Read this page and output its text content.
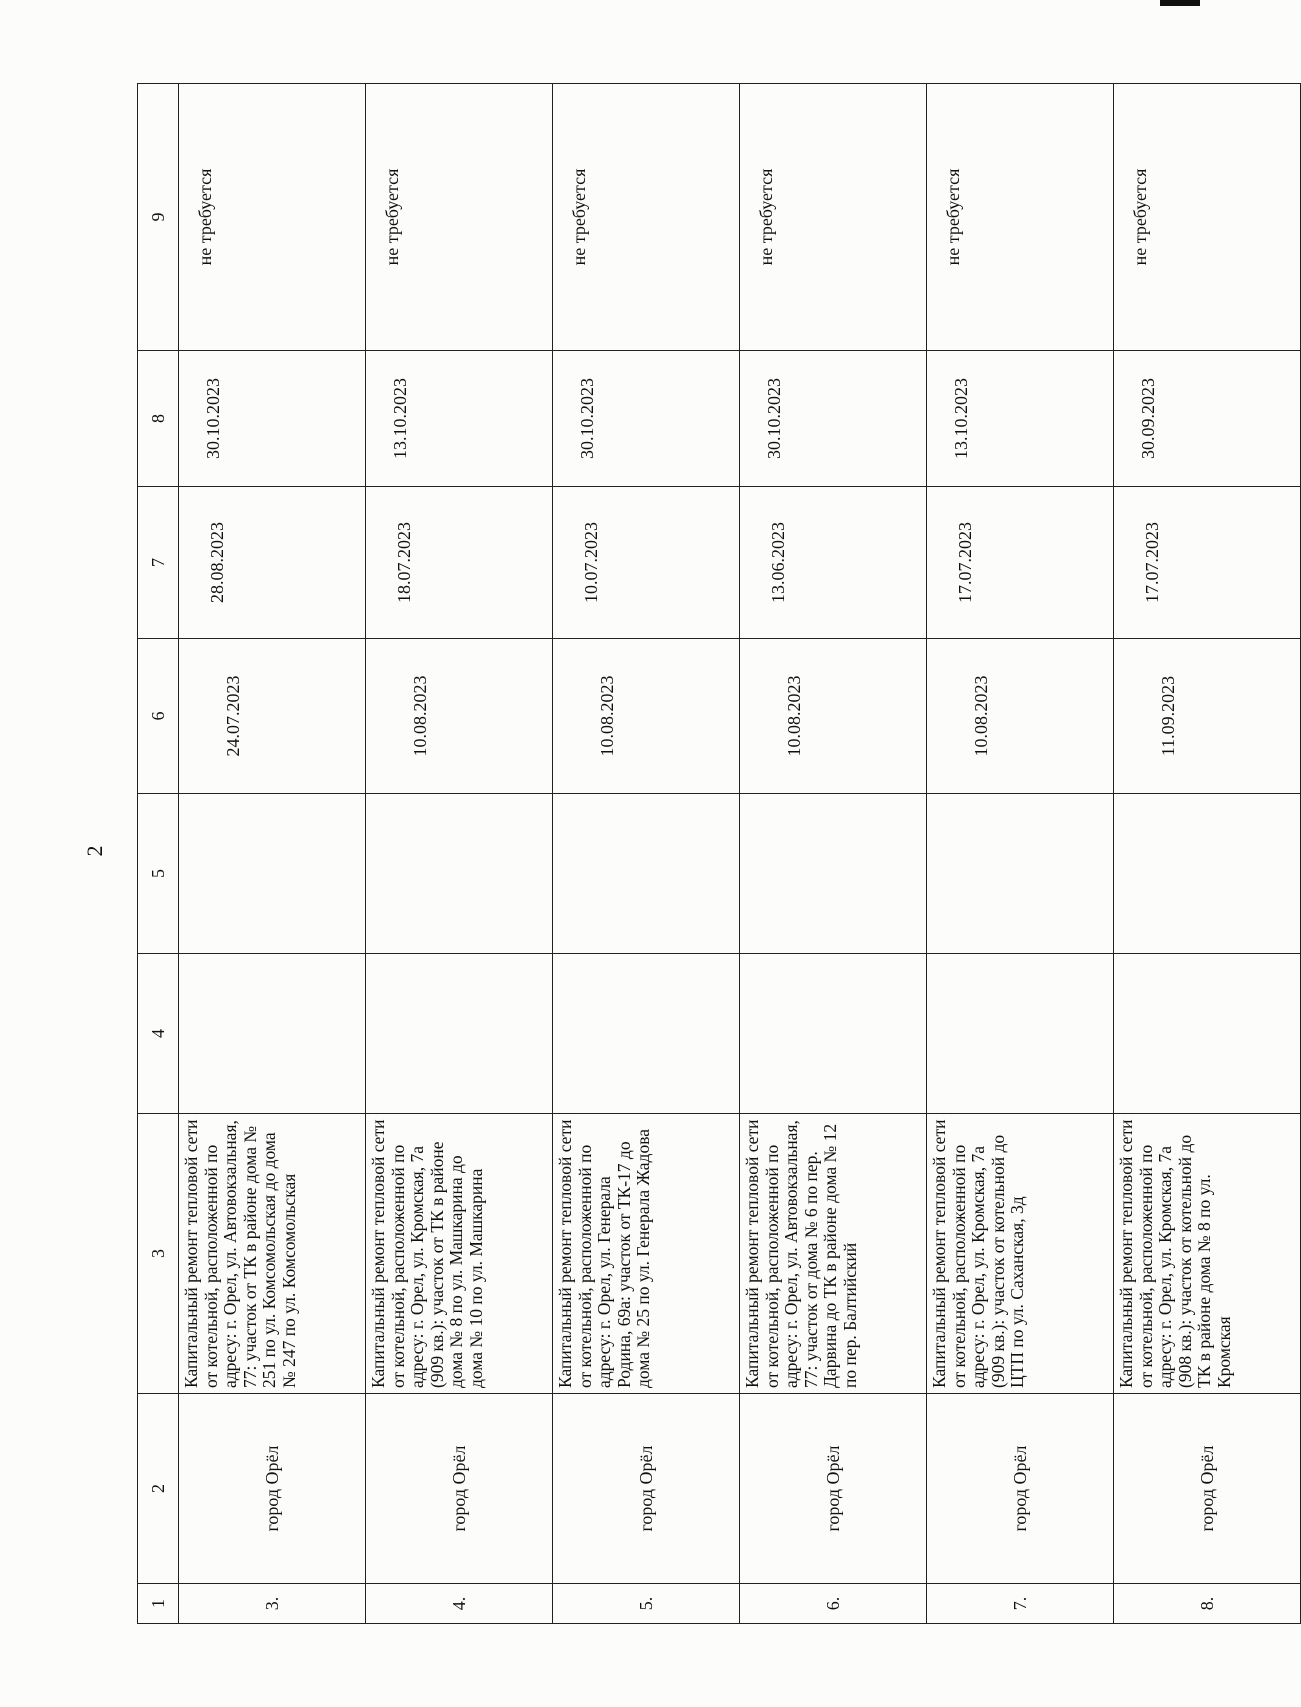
2
1	2	3	4	5	6	7	8	9
3.	город Орёл	Капитальный ремонт тепловой сети от котельной, расположенной по адресу: г. Орел, ул. Автовокзальная, 77: участок от ТК в районе дома № 251 по ул. Комсомольская до дома № 247 по ул. Комсомольская			24.07.2023	28.08.2023	30.10.2023	не требуется
4.	город Орёл	Капитальный ремонт тепловой сети от котельной, расположенной по адресу: г. Орел, ул. Кромская, 7а (909 кв.): участок от ТК в районе дома № 8 по ул. Машкарина до дома № 10 по ул. Машкарина			10.08.2023	18.07.2023	13.10.2023	не требуется
5.	город Орёл	Капитальный ремонт тепловой сети от котельной, расположенной по адресу: г. Орел, ул. Генерала Родина, 69а: участок от ТК-17 до дома № 25 по ул. Генерала Жадова			10.08.2023	10.07.2023	30.10.2023	не требуется
6.	город Орёл	Капитальный ремонт тепловой сети от котельной, расположенной по адресу: г. Орел, ул. Автовокзальная, 77: участок от дома № 6 по пер. Дарвина до ТК в районе дома № 12 по пер. Балтийский			10.08.2023	13.06.2023	30.10.2023	не требуется
7.	город Орёл	Капитальный ремонт тепловой сети от котельной, расположенной по адресу: г. Орел, ул. Кромская, 7а (909 кв.): участок от котельной до ЦТП по ул. Саханская, 3д			10.08.2023	17.07.2023	13.10.2023	не требуется
8.	город Орёл	Капитальный ремонт тепловой сети от котельной, расположенной по адресу: г. Орел, ул. Кромская, 7а (908 кв.): участок от котельной до ТК в районе дома № 8 по ул. Кромская			11.09.2023	17.07.2023	30.09.2023	не требуется
